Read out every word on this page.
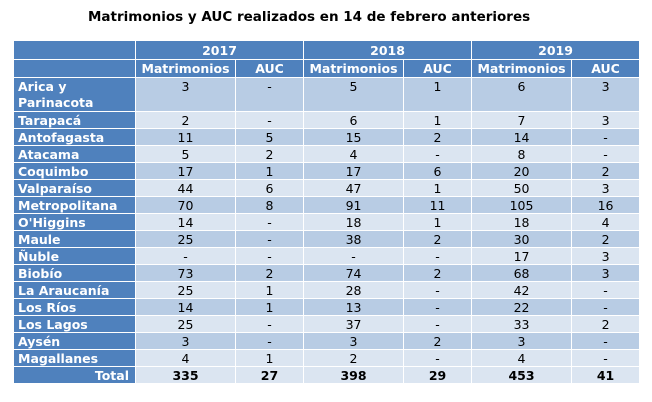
Matrimonios y AUC realizados en 14 de febrero anteriores
	2017		2018		2019	
	Matrimonios	AUC	Matrimonios	AUC	Matrimonios	AUC
Arica y Parinacota	3	-	5	1	6	3
Tarapacá	2	-	6	1	7	3
Antofagasta	11	5	15	2	14	-
Atacama	5	2	4	-	8	-
Coquimbo	17	1	17	6	20	2
Valparaíso	44	6	47	1	50	3
Metropolitana	70	8	91	11	105	16
O'Higgins	14	-	18	1	18	4
Maule	25	-	38	2	30	2
Ñuble	-	-	-	-	17	3
Biobío	73	2	74	2	68	3
La Araucanía	25	1	28	-	42	-
Los Ríos	14	1	13	-	22	-
Los Lagos	25	-	37	-	33	2
Aysén	3	-	3	2	3	-
Magallanes	4	1	2	-	4	-
Total	335	27	398	29	453	41
